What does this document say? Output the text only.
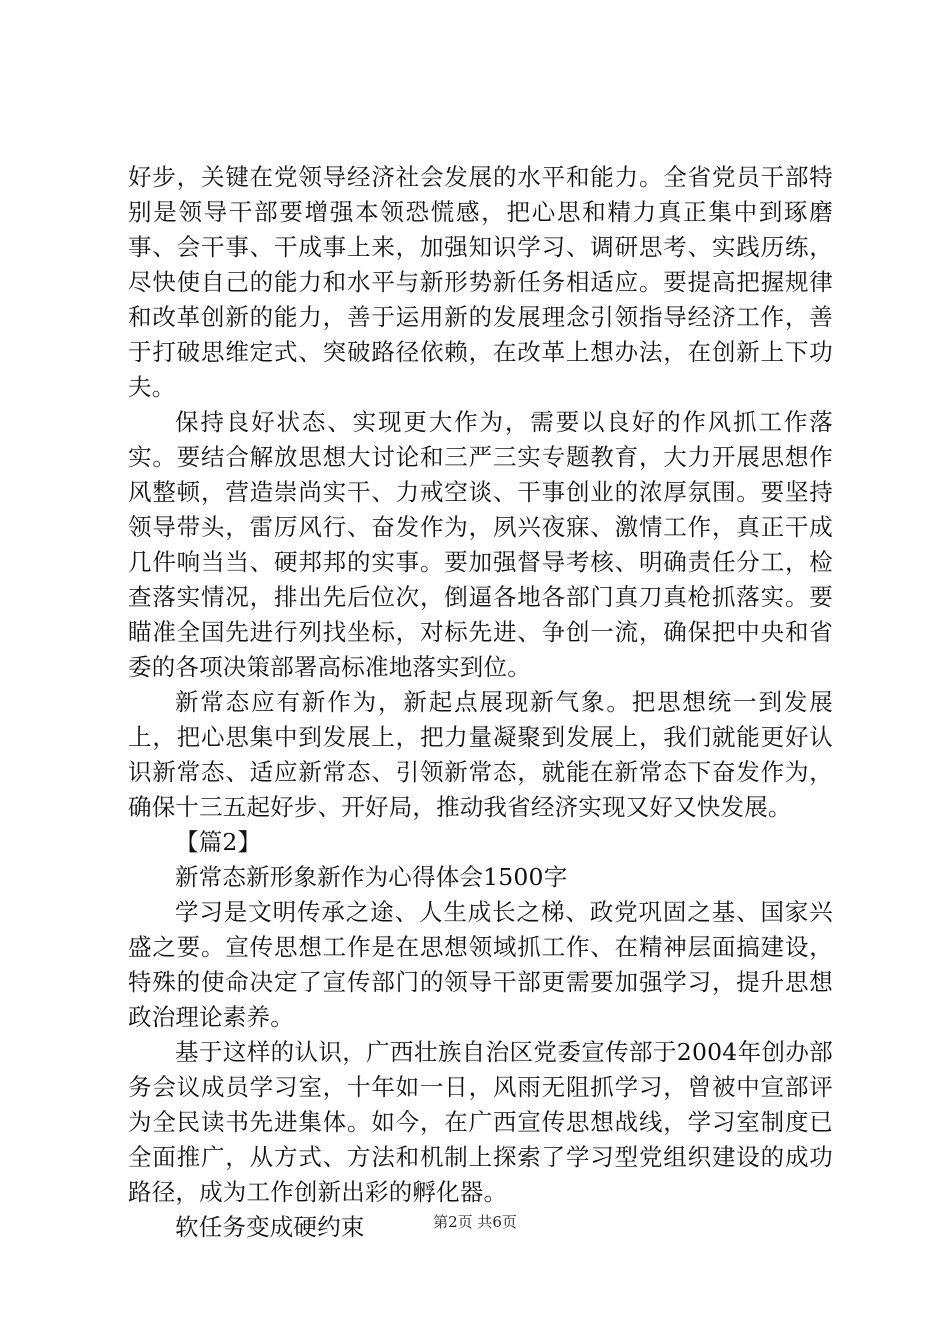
好步，关键在党领导经济社会发展的水平和能力。全省党员干部特别是领导干部要增强本领恐慌感，把心思和精力真正集中到琢磨事、会干事、干成事上来，加强知识学习、调研思考、实践历练，尽快使自己的能力和水平与新形势新任务相适应。要提高把握规律和改革创新的能力，善于运用新的发展理念引领指导经济工作，善于打破思维定式、突破路径依赖，在改革上想办法，在创新上下功夫。

保持良好状态、实现更大作为，需要以良好的作风抓工作落实。要结合解放思想大讨论和三严三实专题教育，大力开展思想作风整顿，营造崇尚实干、力戒空谈、干事创业的浓厚氛围。要坚持领导带头，雷厉风行、奋发作为，夙兴夜寐、激情工作，真正干成几件响当当、硬邦邦的实事。要加强督导考核、明确责任分工，检查落实情况，排出先后位次，倒逼各地各部门真刀真枪抓落实。要瞄准全国先进行列找坐标，对标先进、争创一流，确保把中央和省委的各项决策部署高标准地落实到位。

新常态应有新作为，新起点展现新气象。把思想统一到发展上，把心思集中到发展上，把力量凝聚到发展上，我们就能更好认识新常态、适应新常态、引领新常态，就能在新常态下奋发作为，确保十三五起好步、开好局，推动我省经济实现又好又快发展。

【篇2】

新常态新形象新作为心得体会1500字

学习是文明传承之途、人生成长之梯、政党巩固之基、国家兴盛之要。宣传思想工作是在思想领域抓工作、在精神层面搞建设，特殊的使命决定了宣传部门的领导干部更需要加强学习，提升思想政治理论素养。

基于这样的认识，广西壮族自治区党委宣传部于2004年创办部务会议成员学习室，十年如一日，风雨无阻抓学习，曾被中宣部评为全民读书先进集体。如今，在广西宣传思想战线，学习室制度已全面推广，从方式、方法和机制上探索了学习型党组织建设的成功路径，成为工作创新出彩的孵化器。

软任务变成硬约束	第2页 共6页
